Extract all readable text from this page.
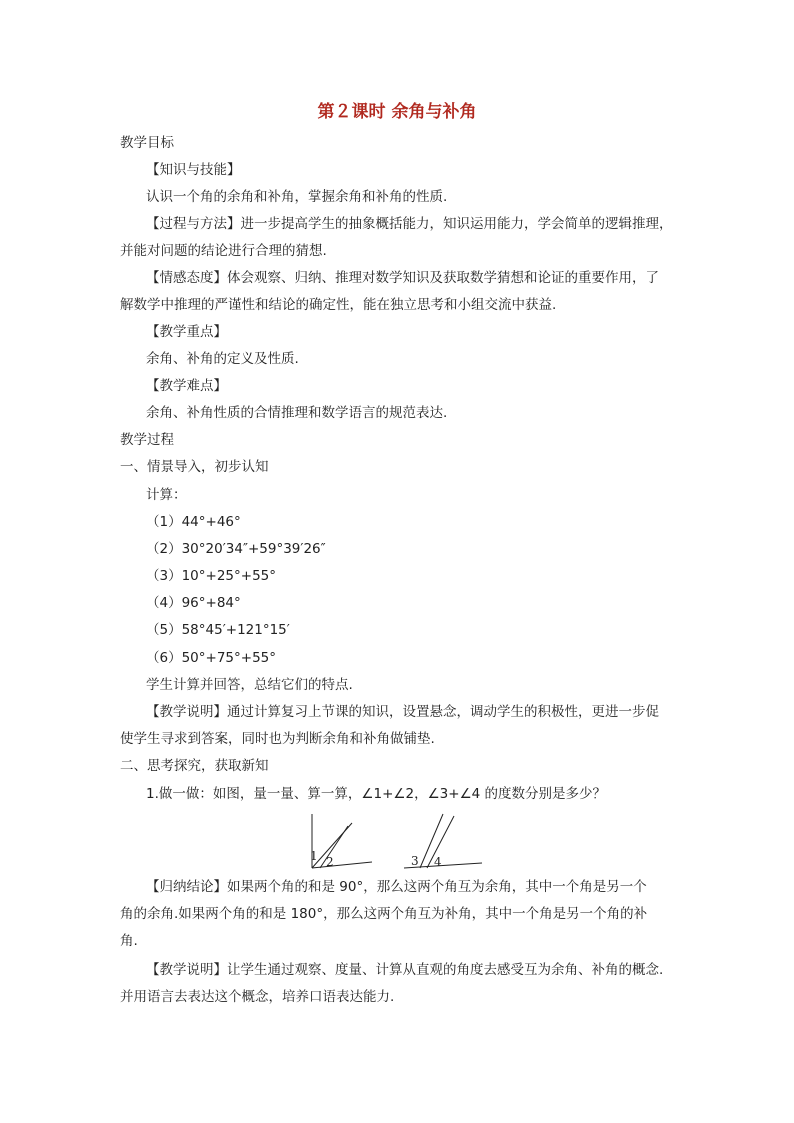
第２课时 余角与补角
教学目标
【知识与技能】
认识一个角的余角和补角，掌握余角和补角的性质.
【过程与方法】进一步提高学生的抽象概括能力，知识运用能力，学会简单的逻辑推理，
并能对问题的结论进行合理的猜想.
【情感态度】体会观察、归纳、推理对数学知识及获取数学猜想和论证的重要作用，了
解数学中推理的严谨性和结论的确定性，能在独立思考和小组交流中获益.
【教学重点】
余角、补角的定义及性质.
【教学难点】
余角、补角性质的合情推理和数学语言的规范表达.
教学过程
一、情景导入，初步认知
计算：
（1）44°+46°
（2）30°20′34″+59°39′26″
（3）10°+25°+55°
（4）96°+84°
（5）58°45′+121°15′
（6）50°+75°+55°
学生计算并回答，总结它们的特点.
【教学说明】通过计算复习上节课的知识，设置悬念，调动学生的积极性，更进一步促
使学生寻求到答案，同时也为判断余角和补角做铺垫.
二、思考探究，获取新知
1.做一做：如图，量一量、算一算，∠1+∠2，∠3+∠4 的度数分别是多少？
1 2	3 4
【归纳结论】如果两个角的和是 90°，那么这两个角互为余角，其中一个角是另一个
角的余角.如果两个角的和是 180°，那么这两个角互为补角，其中一个角是另一个角的补
角.
【教学说明】让学生通过观察、度量、计算从直观的角度去感受互为余角、补角的概念.
并用语言去表达这个概念，培养口语表达能力.
